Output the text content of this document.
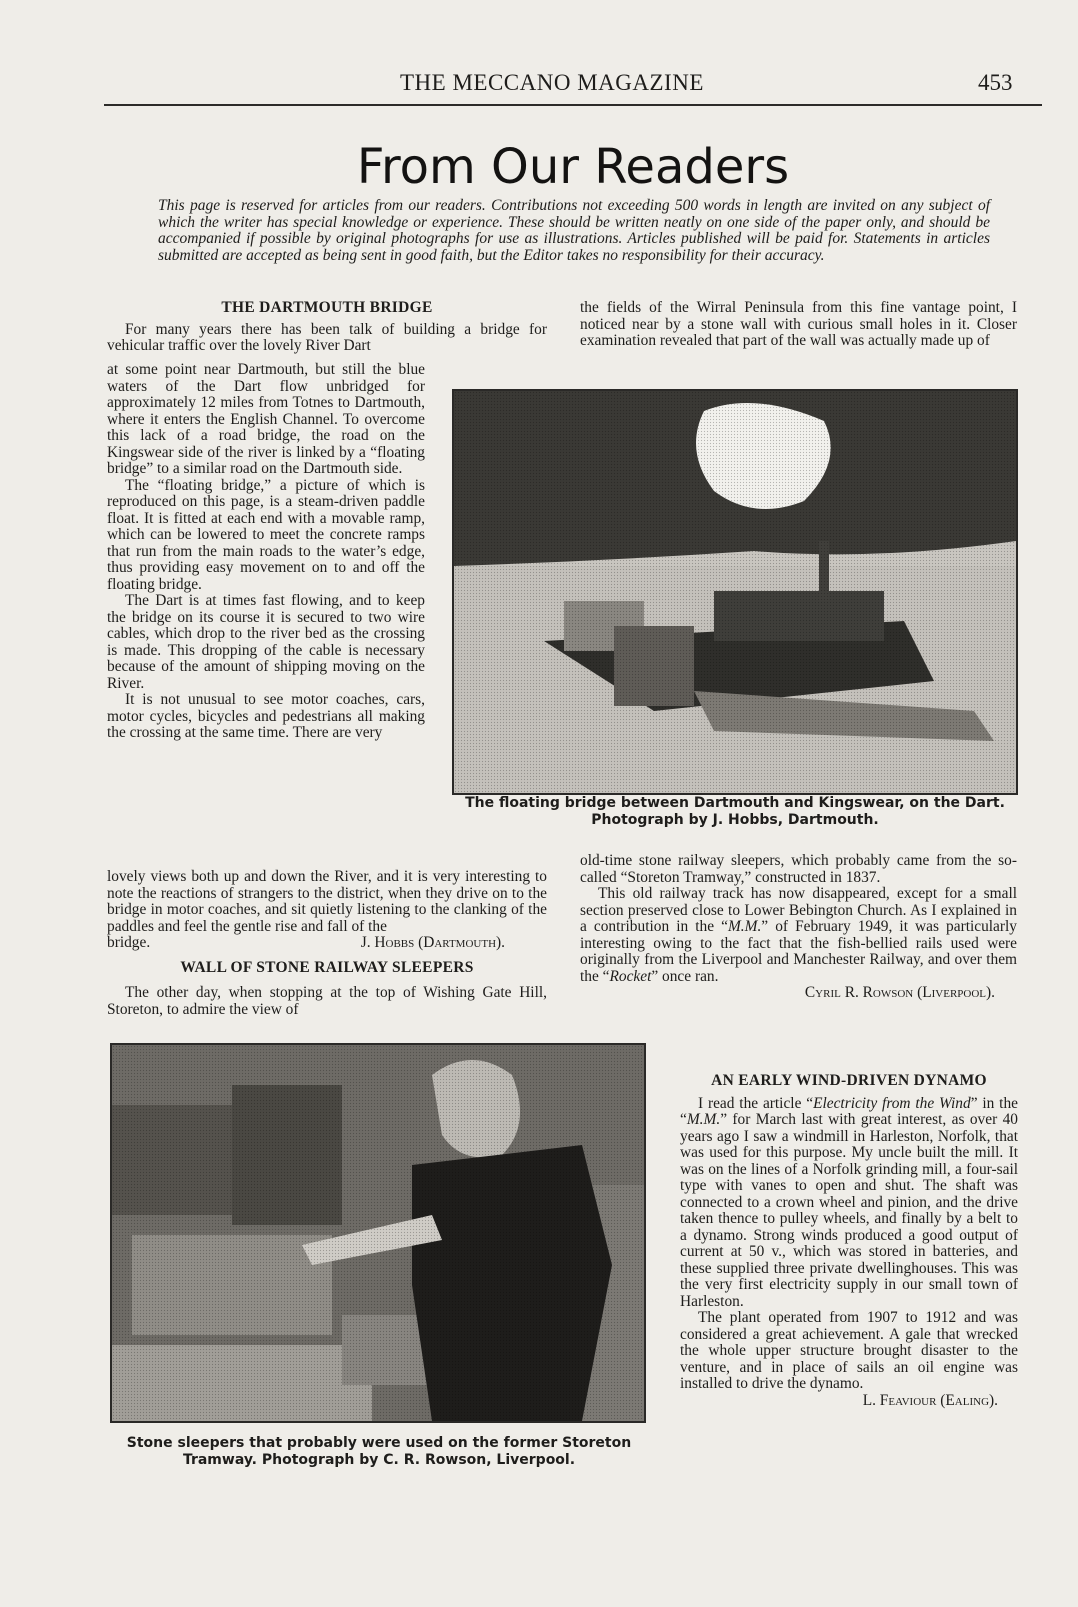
THE MECCANO MAGAZINE	453
From Our Readers
This page is reserved for articles from our readers. Contributions not exceeding 500 words in length are invited on any subject of which the writer has special knowledge or experience. These should be written neatly on one side of the paper only, and should be accompanied if possible by original photographs for use as illustrations. Articles published will be paid for. Statements in articles submitted are accepted as being sent in good faith, but the Editor takes no responsibility for their accuracy.
THE DARTMOUTH BRIDGE

For many years there has been talk of building a bridge for vehicular traffic over the lovely River Dart

at some point near Dartmouth, but still the blue waters of the Dart flow unbridged for approximately 12 miles from Totnes to Dartmouth, where it enters the English Channel. To overcome this lack of a road bridge, the road on the Kingswear side of the river is linked by a “floating bridge” to a similar road on the Dartmouth side.

The “floating bridge,” a picture of which is reproduced on this page, is a steam-driven paddle float. It is fitted at each end with a movable ramp, which can be lowered to meet the concrete ramps that run from the main roads to the water’s edge, thus providing easy movement on to and off the floating bridge.

The Dart is at times fast flowing, and to keep the bridge on its course it is secured to two wire cables, which drop to the river bed as the crossing is made. This dropping of the cable is necessary because of the amount of shipping moving on the River.

It is not unusual to see motor coaches, cars, motor cycles, bicycles and pedestrians all making the crossing at the same time. There are very

lovely views both up and down the River, and it is very interesting to note the reactions of strangers to the district, when they drive on to the bridge in motor coaches, and sit quietly listening to the clanking of the paddles and feel the gentle rise and fall of the

bridge.	J. Hobbs (Dartmouth).
WALL OF STONE RAILWAY SLEEPERS

The other day, when stopping at the top of Wishing Gate Hill, Storeton, to admire the view of

the fields of the Wirral Peninsula from this fine vantage point, I noticed near by a stone wall with curious small holes in it. Closer examination revealed that part of the wall was actually made up of

The floating bridge between Dartmouth and Kingswear, on the Dart. Photograph by J. Hobbs, Dartmouth.

old-time stone railway sleepers, which probably came from the so-called “Storeton Tramway,” constructed in 1837.

This old railway track has now disappeared, except for a small section preserved close to Lower Bebington Church. As I explained in a contribution in the “M.M.” of February 1949, it was particularly interesting owing to the fact that the fish-bellied rails used were originally from the Liverpool and Manchester Railway, and over them the “Rocket” once ran.

Cyril R. Rowson (Liverpool).
Stone sleepers that probably were used on the former Storeton Tramway. Photograph by C. R. Rowson, Liverpool.
AN EARLY WIND-DRIVEN DYNAMO

I read the article “Electricity from the Wind” in the “M.M.” for March last with great interest, as over 40 years ago I saw a windmill in Harleston, Norfolk, that was used for this purpose. My uncle built the mill. It was on the lines of a Norfolk grinding mill, a four-sail type with vanes to open and shut. The shaft was connected to a crown wheel and pinion, and the drive taken thence to pulley wheels, and finally by a belt to a dynamo. Strong winds produced a good output of current at 50 v., which was stored in batteries, and these supplied three private dwellinghouses. This was the very first electricity supply in our small town of Harleston.

The plant operated from 1907 to 1912 and was considered a great achievement. A gale that wrecked the whole upper structure brought disaster to the venture, and in place of sails an oil engine was installed to drive the dynamo.

L. Feaviour (Ealing).
